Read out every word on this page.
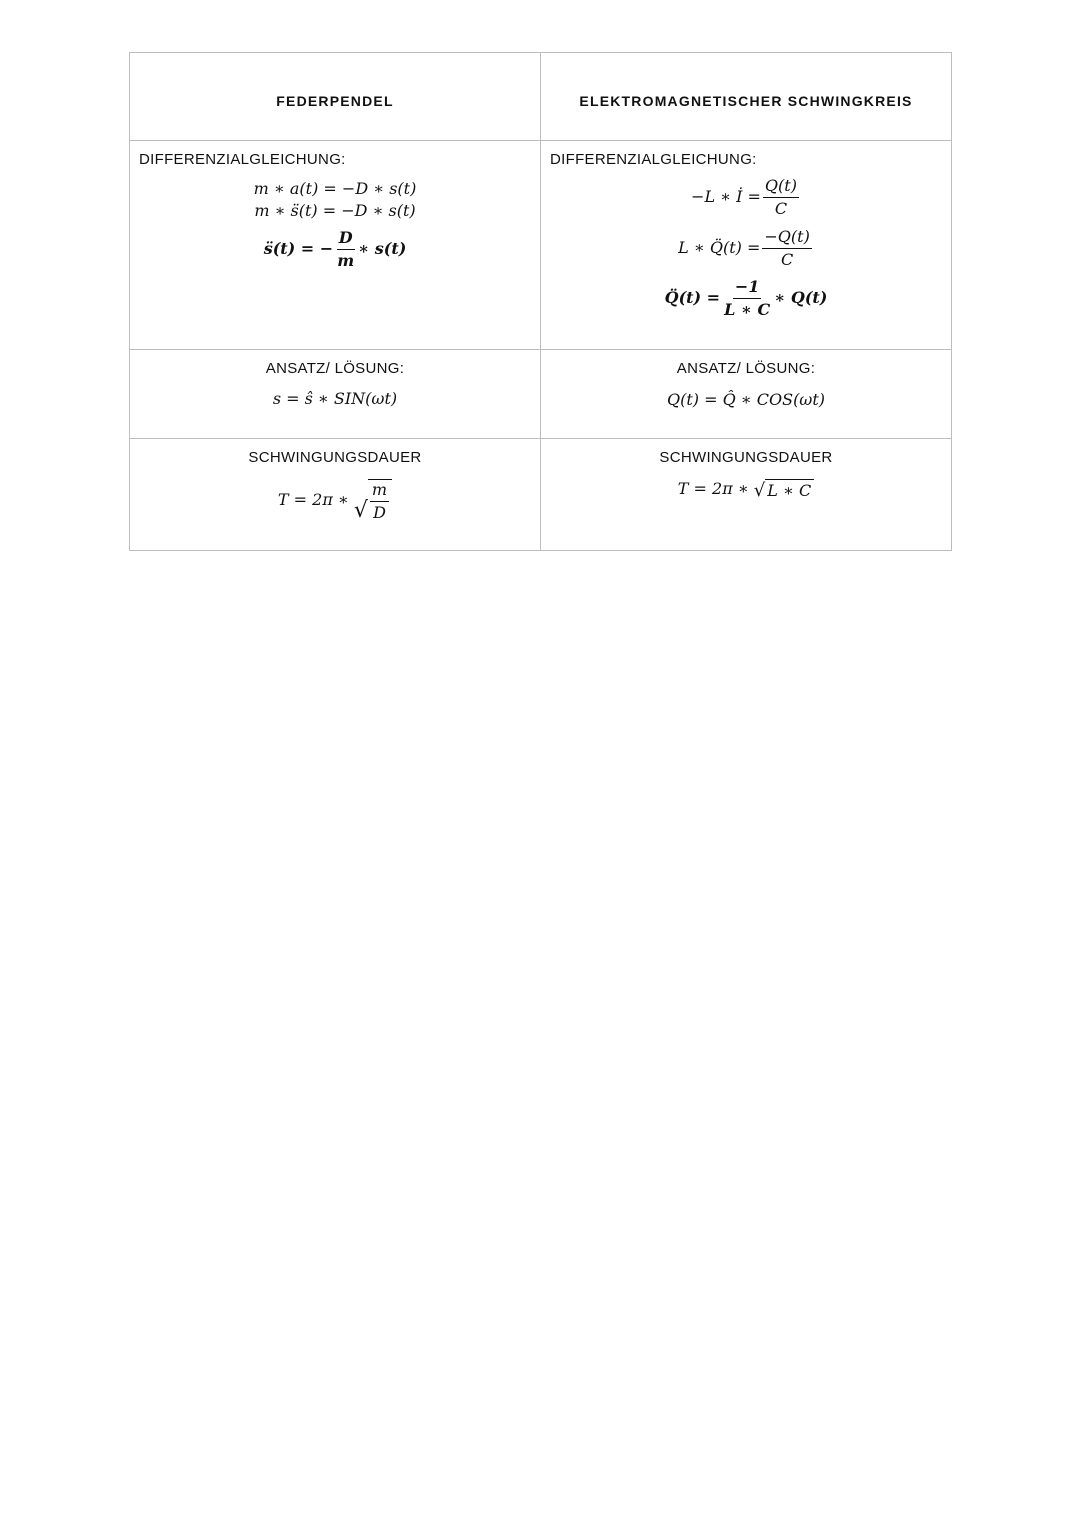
FEDERPENDEL	ELEKTROMAGNETISCHER SCHWINGKREIS
DIFFERENZIALGLEICHUNG:
m ∗ a(t) = −D ∗ s(t)
m ∗ s̈(t) = −D ∗ s(t)
s̈(t) = − $\frac{D}{m}$ ∗ s(t)
DIFFERENZIALGLEICHUNG:
−L ∗ İ = $\frac{Q(t)}{C}$
L ∗ Q̈(t) = $\frac{-Q(t)}{C}$
Q̈(t) = $\frac{-1}{L ∗ C}$ ∗ Q(t)
ANSATZ/ LÖSUNG:
s = ŝ ∗ SIN(ωt)
ANSATZ/ LÖSUNG:
Q(t) = Q̂ ∗ COS(ωt)
SCHWINGUNGSDAUER
T = 2π ∗ √ $\frac{m}{D}$
SCHWINGUNGSDAUER
T = 2π ∗ √ L ∗ C
